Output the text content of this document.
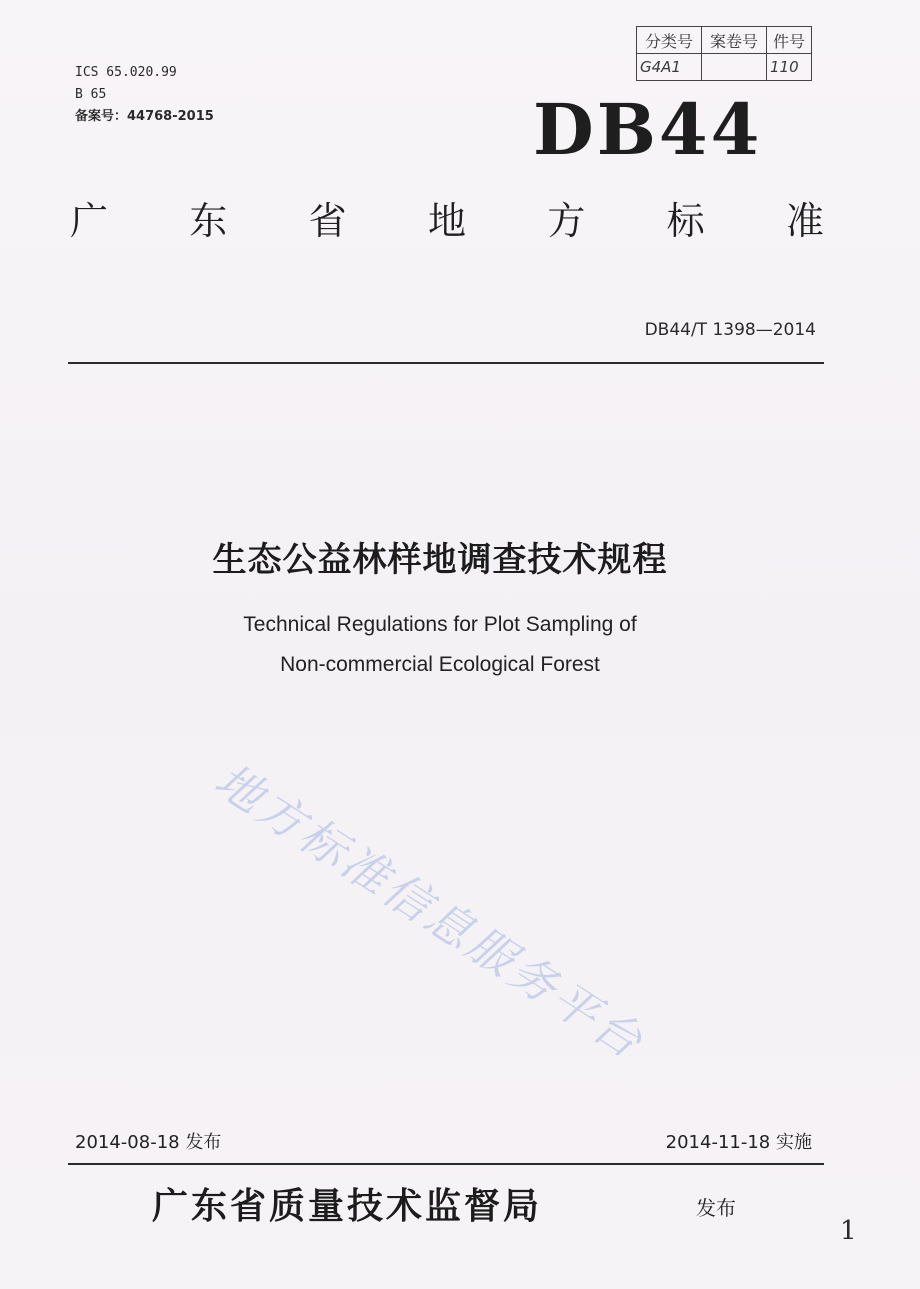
ICS 65.020.99
B 65
备案号：44768-2015
分类号	案卷号	件号
G4A1		110
DB44
广 东 省 地 方 标 准
DB44/T 1398—2014
生态公益林样地调查技术规程
Technical Regulations for Plot Sampling of
Non-commercial Ecological Forest
地方标准信息服务平台
2014-08-18 发布	2014-11-18 实施
广东省质量技术监督局	发布
1
